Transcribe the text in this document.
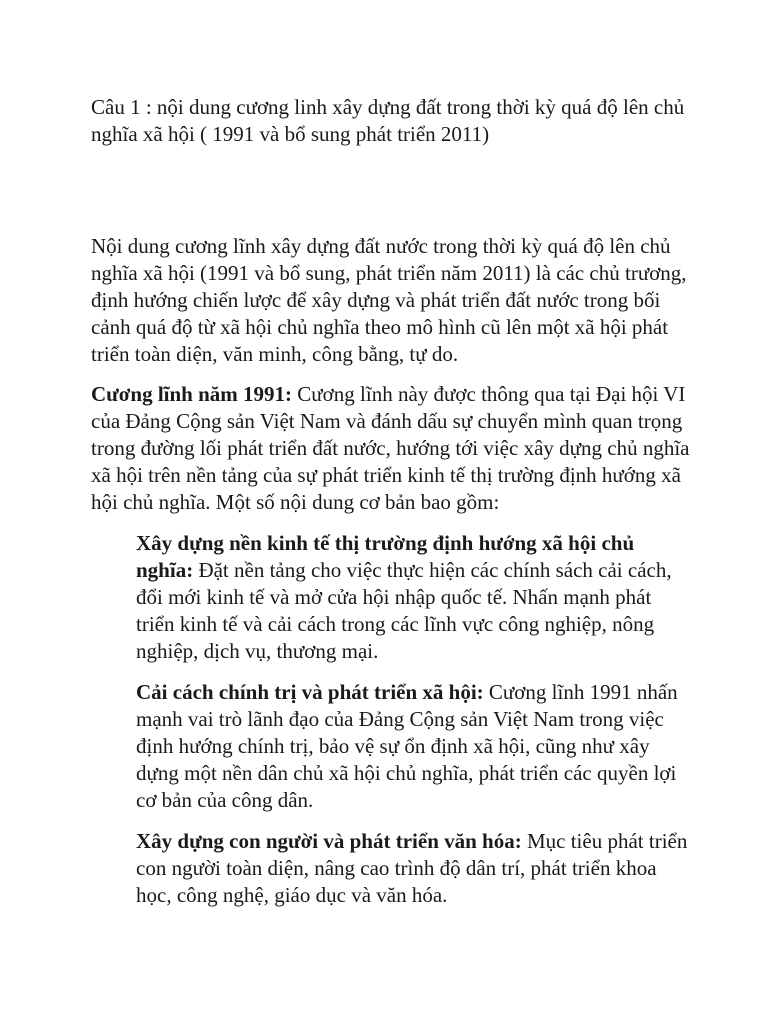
Câu 1 : nội dung cương linh xây dựng đất trong thời kỳ quá độ lên chủ nghĩa xã hội ( 1991 và bổ sung phát triển 2011)

Nội dung cương lĩnh xây dựng đất nước trong thời kỳ quá độ lên chủ nghĩa xã hội (1991 và bổ sung, phát triển năm 2011) là các chủ trương, định hướng chiến lược để xây dựng và phát triển đất nước trong bối cảnh quá độ từ xã hội chủ nghĩa theo mô hình cũ lên một xã hội phát triển toàn diện, văn minh, công bằng, tự do.

Cương lĩnh năm 1991: Cương lĩnh này được thông qua tại Đại hội VI của Đảng Cộng sản Việt Nam và đánh dấu sự chuyển mình quan trọng trong đường lối phát triển đất nước, hướng tới việc xây dựng chủ nghĩa xã hội trên nền tảng của sự phát triển kinh tế thị trường định hướng xã hội chủ nghĩa. Một số nội dung cơ bản bao gồm:

Xây dựng nền kinh tế thị trường định hướng xã hội chủ nghĩa: Đặt nền tảng cho việc thực hiện các chính sách cải cách, đổi mới kinh tế và mở cửa hội nhập quốc tế. Nhấn mạnh phát triển kinh tế và cải cách trong các lĩnh vực công nghiệp, nông nghiệp, dịch vụ, thương mại.

Cải cách chính trị và phát triển xã hội: Cương lĩnh 1991 nhấn mạnh vai trò lãnh đạo của Đảng Cộng sản Việt Nam trong việc định hướng chính trị, bảo vệ sự ổn định xã hội, cũng như xây dựng một nền dân chủ xã hội chủ nghĩa, phát triển các quyền lợi cơ bản của công dân.

Xây dựng con người và phát triển văn hóa: Mục tiêu phát triển con người toàn diện, nâng cao trình độ dân trí, phát triển khoa học, công nghệ, giáo dục và văn hóa.
